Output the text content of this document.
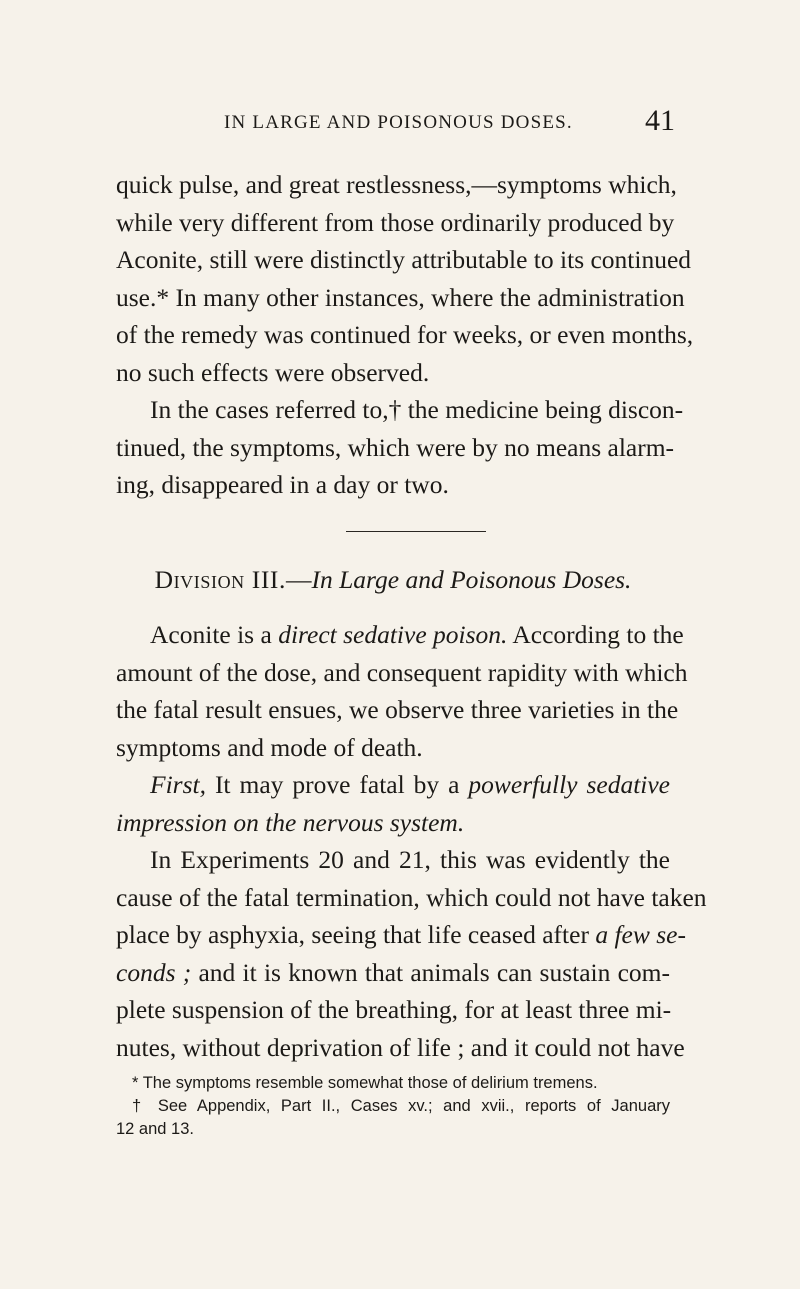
IN LARGE AND POISONOUS DOSES. 41
quick pulse, and great restlessness,—symptoms which,
while very different from those ordinarily produced by
Aconite, still were distinctly attributable to its continued
use.* In many other instances, where the administration
of the remedy was continued for weeks, or even months,
no such effects were observed.
In the cases referred to,† the medicine being discon-
tinued, the symptoms, which were by no means alarm-
ing, disappeared in a day or two.
Division III.—In Large and Poisonous Doses.
Aconite is a direct sedative poison. According to the
amount of the dose, and consequent rapidity with which
the fatal result ensues, we observe three varieties in the
symptoms and mode of death.
First, It may prove fatal by a powerfully sedative
impression on the nervous system.
In Experiments 20 and 21, this was evidently the
cause of the fatal termination, which could not have taken
place by asphyxia, seeing that life ceased after a few se-
conds ; and it is known that animals can sustain com-
plete suspension of the breathing, for at least three mi-
nutes, without deprivation of life ; and it could not have
* The symptoms resemble somewhat those of delirium tremens.
† See Appendix, Part II., Cases xv.; and xvii., reports of January
12 and 13.
